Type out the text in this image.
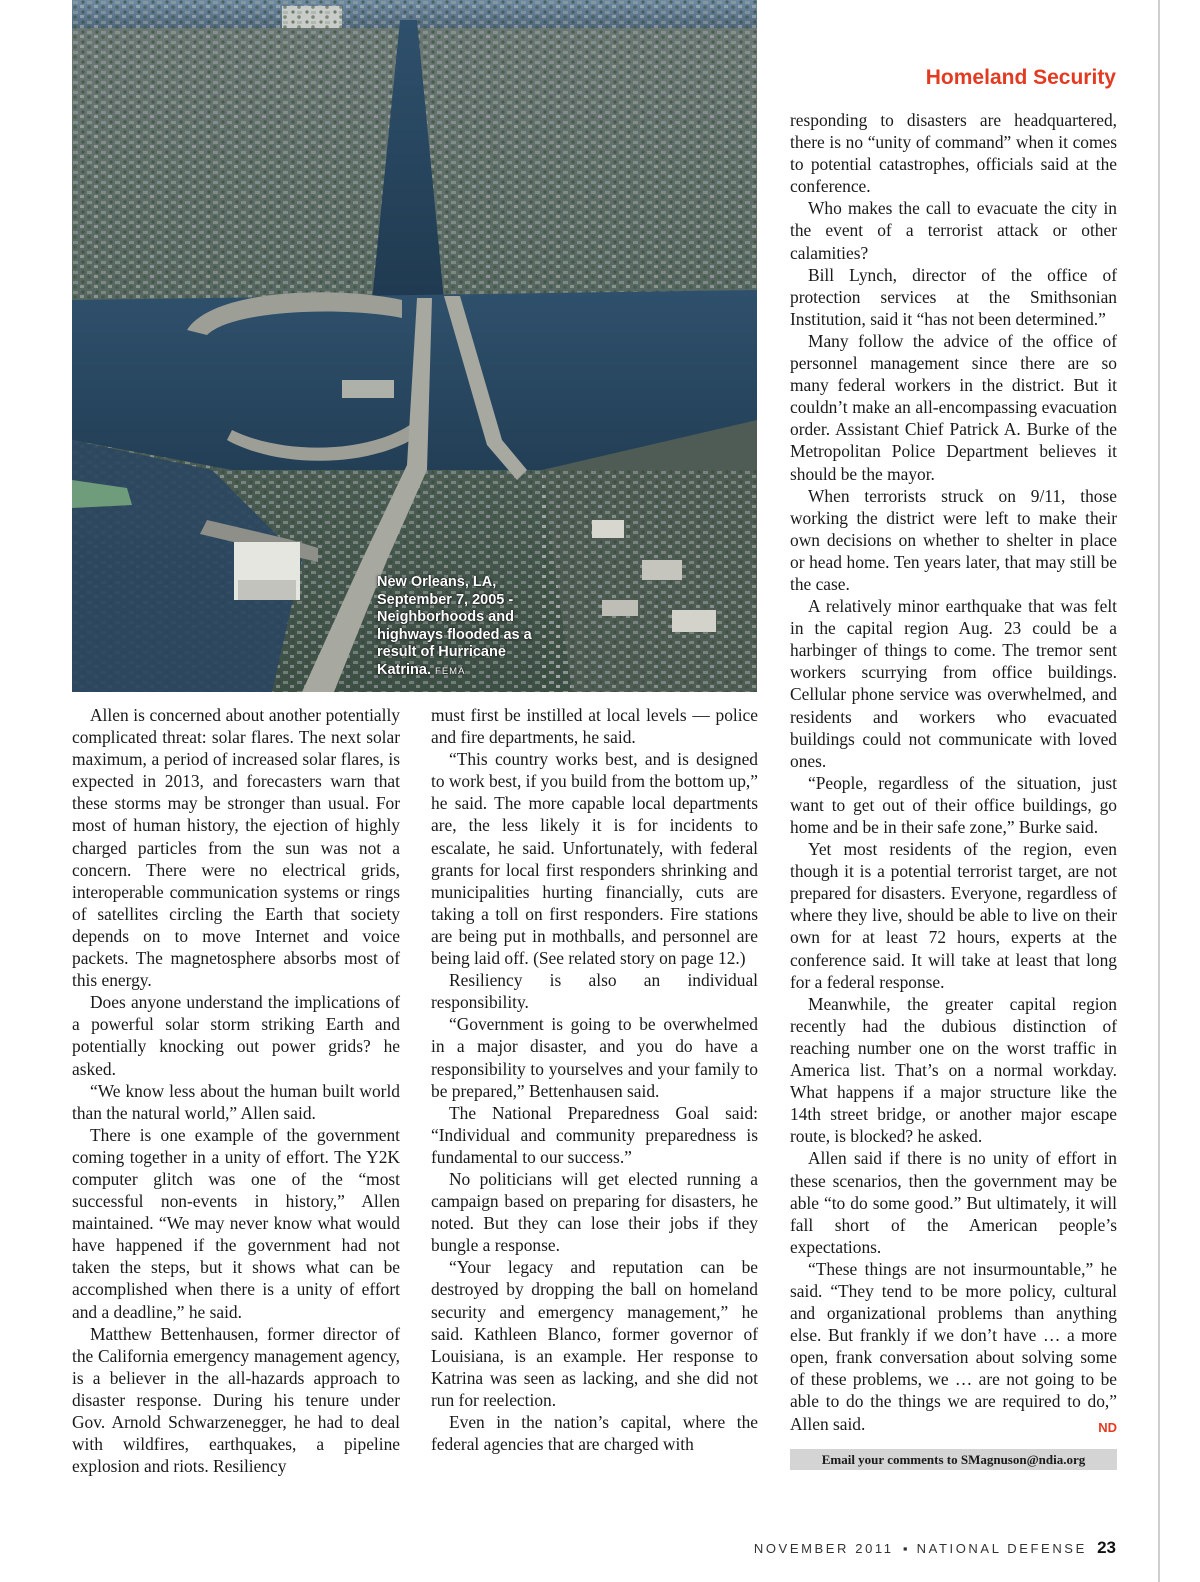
New Orleans, LA, September 7, 2005 - Neighborhoods and highways flooded as a result of Hurricane Katrina. FEMA
Homeland Security

Allen is concerned about another potentially complicated threat: solar flares. The next solar maximum, a period of increased solar flares, is expected in 2013, and forecasters warn that these storms may be stronger than usual. For most of human history, the ejection of highly charged particles from the sun was not a concern. There were no electrical grids, interoperable communication systems or rings of satellites circling the Earth that society depends on to move Internet and voice packets. The magnetosphere absorbs most of this energy.

Does anyone understand the implications of a powerful solar storm striking Earth and potentially knocking out power grids? he asked.

“We know less about the human built world than the natural world,” Allen said.

There is one example of the government coming together in a unity of effort. The Y2K computer glitch was one of the “most successful non-events in history,” Allen maintained. “We may never know what would have happened if the government had not taken the steps, but it shows what can be accomplished when there is a unity of effort and a deadline,” he said.

Matthew Bettenhausen, former director of the California emergency management agency, is a believer in the all-hazards approach to disaster response. During his tenure under Gov. Arnold Schwarzenegger, he had to deal with wildfires, earthquakes, a pipeline explosion and riots. Resiliency

must first be instilled at local levels — police and fire departments, he said.

“This country works best, and is designed to work best, if you build from the bottom up,” he said. The more capable local departments are, the less likely it is for incidents to escalate, he said. Unfortunately, with federal grants for local first responders shrinking and municipalities hurting financially, cuts are taking a toll on first responders. Fire stations are being put in mothballs, and personnel are being laid off. (See related story on page 12.)

Resiliency is also an individual responsibility.

“Government is going to be overwhelmed in a major disaster, and you do have a responsibility to yourselves and your family to be prepared,” Bettenhausen said.

The National Preparedness Goal said: “Individual and community preparedness is fundamental to our success.”

No politicians will get elected running a campaign based on preparing for disasters, he noted. But they can lose their jobs if they bungle a response.

“Your legacy and reputation can be destroyed by dropping the ball on homeland security and emergency management,” he said. Kathleen Blanco, former governor of Louisiana, is an example. Her response to Katrina was seen as lacking, and she did not run for reelection.

Even in the nation’s capital, where the federal agencies that are charged with

responding to disasters are headquartered, there is no “unity of command” when it comes to potential catastrophes, officials said at the conference.

Who makes the call to evacuate the city in the event of a terrorist attack or other calamities?

Bill Lynch, director of the office of protection services at the Smithsonian Institution, said it “has not been determined.”

Many follow the advice of the office of personnel management since there are so many federal workers in the district. But it couldn’t make an all-encompassing evacuation order. Assistant Chief Patrick A. Burke of the Metropolitan Police Department believes it should be the mayor.

When terrorists struck on 9/11, those working the district were left to make their own decisions on whether to shelter in place or head home. Ten years later, that may still be the case.

A relatively minor earthquake that was felt in the capital region Aug. 23 could be a harbinger of things to come. The tremor sent workers scurrying from office buildings. Cellular phone service was overwhelmed, and residents and workers who evacuated buildings could not communicate with loved ones.

“People, regardless of the situation, just want to get out of their office buildings, go home and be in their safe zone,” Burke said.

Yet most residents of the region, even though it is a potential terrorist target, are not prepared for disasters. Everyone, regardless of where they live, should be able to live on their own for at least 72 hours, experts at the conference said. It will take at least that long for a federal response.

Meanwhile, the greater capital region recently had the dubious distinction of reaching number one on the worst traffic in America list. That’s on a normal workday. What happens if a major structure like the 14th street bridge, or another major escape route, is blocked? he asked.

Allen said if there is no unity of effort in these scenarios, then the government may be able “to do some good.” But ultimately, it will fall short of the American people’s expectations.

“These things are not insurmountable,” he said. “They tend to be more policy, cultural and organizational problems than anything else. But frankly if we don’t have … a more open, frank conversation about solving some of these problems, we … are not going to be able to do the things we are required to do,” Allen said.	ND

Email your comments to SMagnuson@ndia.org
NOVEMBER 2011 ▪ NATIONAL DEFENSE 23
